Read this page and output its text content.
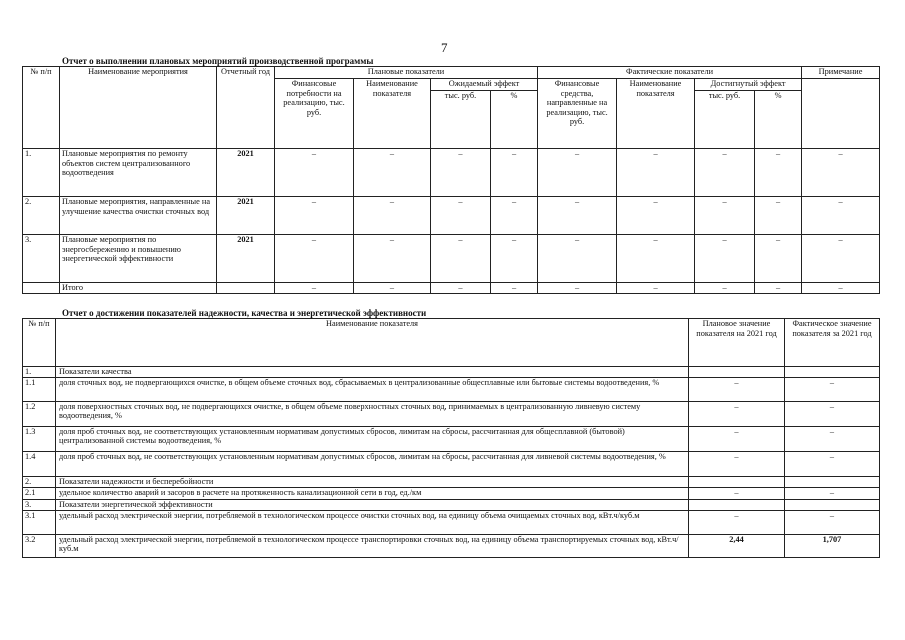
7
Отчет о выполнении плановых мероприятий производственной программы
№ п/п	Наименование мероприятия	Отчетный год	Плановые показатели				Фактические показатели				Примечание
			Финансовые потребности на реализацию, тыс. руб.	Наименование показателя	Ожидаемый эффект		Финансовые средства, направленные на реализацию, тыс. руб.	Наименование показателя	Достигнутый эффект		
					тыс. руб.	%			тыс. руб.	%	
1.	Плановые мероприятия по ремонту объектов систем централизованного водоотведения	2021	–	–	–	–	–	–	–	–	–
2.	Плановые мероприятия, направленные на улучшение качества очистки сточных вод	2021	–	–	–	–	–	–	–	–	–
3.	Плановые мероприятия по энергосбережению и повышению энергетической эффективности	2021	–	–	–	–	–	–	–	–	–
	Итого		–	–	–	–	–	–	–	–	–
Отчет о достижении показателей надежности, качества и энергетической эффективности
№ п/п	Наименование показателя	Плановое значение показателя на 2021 год	Фактическое значение показателя за 2021 год
1.	Показатели качества		
1.1	доля сточных вод, не подвергающихся очистке, в общем объеме сточных вод, сбрасываемых в централизованные общесплавные или бытовые системы водоотведения, %	–	–
1.2	доля поверхностных сточных вод, не подвергающихся очистке, в общем объеме поверхностных сточных вод, принимаемых в централизованную ливневую систему водоотведения, %	–	–
1.3	доля проб сточных вод, не соответствующих установленным нормативам допустимых сбросов, лимитам на сбросы, рассчитанная для общесплавной (бытовой) централизованной системы водоотведения, %	–	–
1.4	доля проб сточных вод, не соответствующих установленным нормативам допустимых сбросов, лимитам на сбросы, рассчитанная для ливневой системы водоотведения, %	–	–
2.	Показатели надежности и бесперебойности		
2.1	удельное количество аварий и засоров в расчете на протяженность канализационной сети в год, ед./км	–	–
3.	Показатели энергетической эффективности		
3.1	удельный расход электрической энергии, потребляемой в технологическом процессе очистки сточных вод, на единицу объема очищаемых сточных вод, кВт.ч/куб.м	–	–
3.2	удельный расход электрической энергии, потребляемой в технологическом процессе транспортировки сточных вод, на единицу объема транспортируемых сточных вод, кВт.ч/куб.м	2,44	1,707
